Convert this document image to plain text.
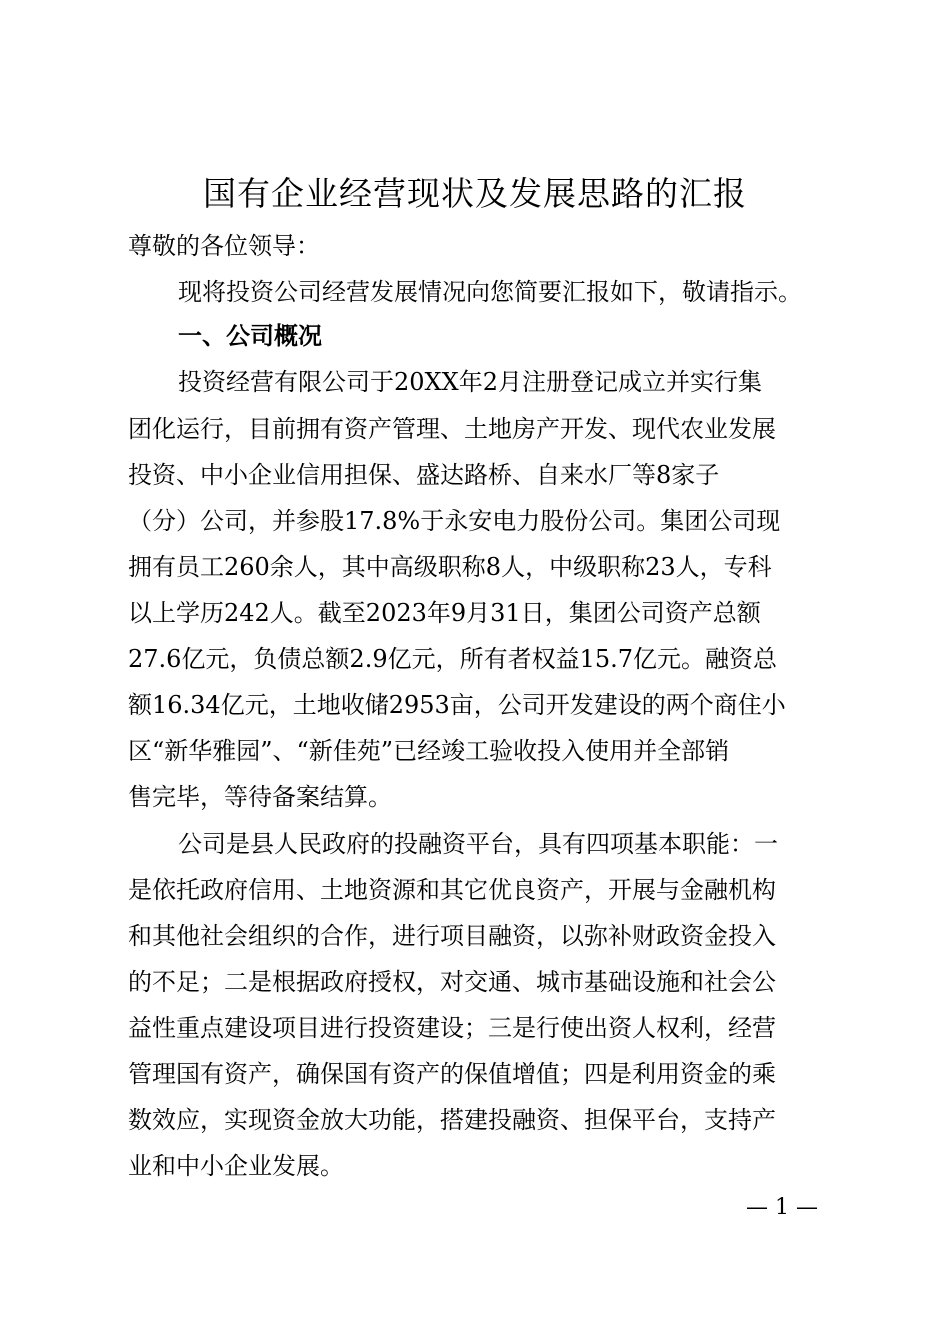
国有企业经营现状及发展思路的汇报
尊敬的各位领导：
现将投资公司经营发展情况向您简要汇报如下，敬请指示。
一、公司概况
投资经营有限公司于20XX年2月注册登记成立并实行集
团化运行，目前拥有资产管理、土地房产开发、现代农业发展
投资、中小企业信用担保、盛达路桥、自来水厂等8家子
（分）公司，并参股17.8%于永安电力股份公司。集团公司现
拥有员工260余人，其中高级职称8人，中级职称23人，专科
以上学历242人。截至2023年9月31日，集团公司资产总额
27.6亿元，负债总额2.9亿元，所有者权益15.7亿元。融资总
额16.34亿元，土地收储2953亩，公司开发建设的两个商住小
区“新华雅园”、“新佳苑”已经竣工验收投入使用并全部销
售完毕，等待备案结算。
公司是县人民政府的投融资平台，具有四项基本职能：一
是依托政府信用、土地资源和其它优良资产，开展与金融机构
和其他社会组织的合作，进行项目融资，以弥补财政资金投入
的不足；二是根据政府授权，对交通、城市基础设施和社会公
益性重点建设项目进行投资建设；三是行使出资人权利，经营
管理国有资产，确保国有资产的保值增值；四是利用资金的乘
数效应，实现资金放大功能，搭建投融资、担保平台，支持产
业和中小企业发展。
— 1 —
